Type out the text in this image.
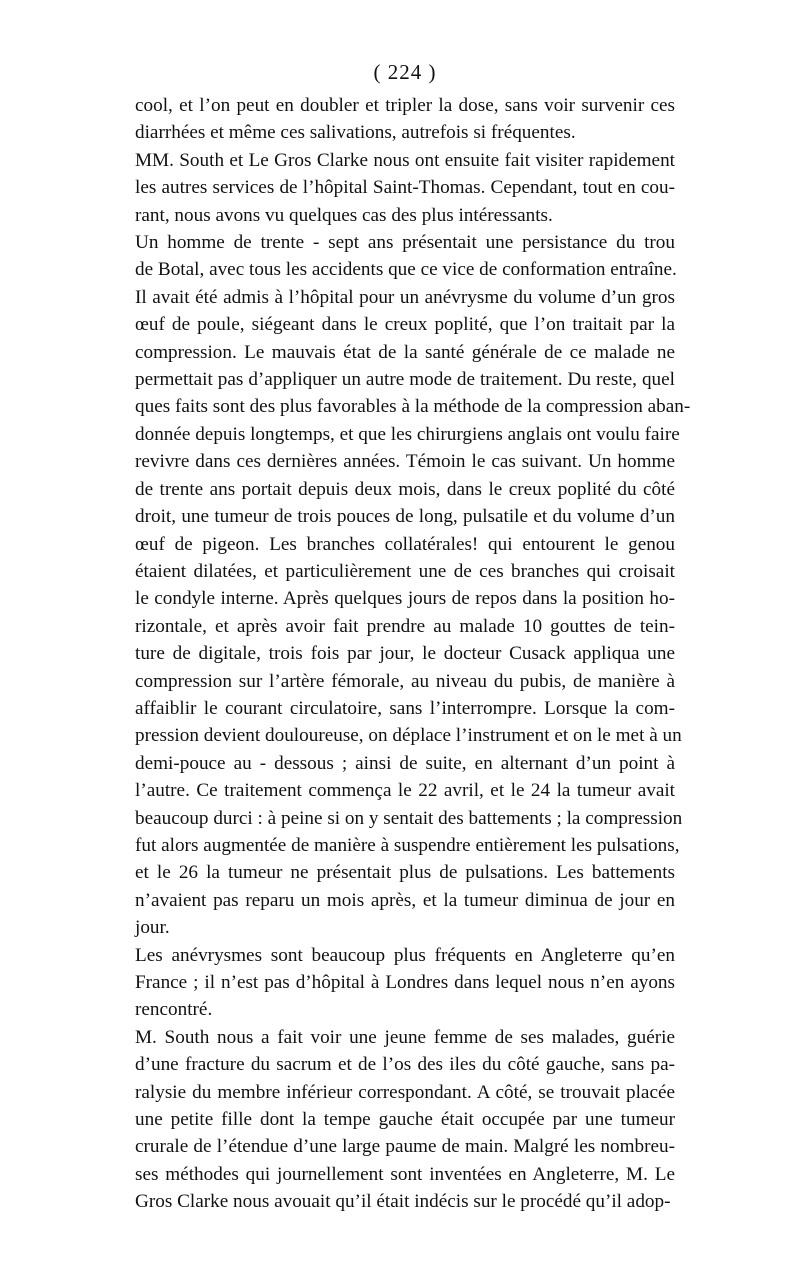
( 224 )

cool, et l’on peut en doubler et tripler la dose, sans voir survenir ces
diarrhées et même ces salivations, autrefois si fréquentes.

MM. South et Le Gros Clarke nous ont ensuite fait visiter rapidement
les autres services de l’hôpital Saint-Thomas. Cependant, tout en cou-
rant, nous avons vu quelques cas des plus intéressants.

Un homme de trente - sept ans présentait une persistance du trou
de Botal, avec tous les accidents que ce vice de conformation entraîne.
Il avait été admis à l’hôpital pour un anévrysme du volume d’un gros
œuf de poule, siégeant dans le creux poplité, que l’on traitait par la
compression. Le mauvais état de la santé générale de ce malade ne
permettait pas d’appliquer un autre mode de traitement. Du reste, quel
ques faits sont des plus favorables à la méthode de la compression aban-
donnée depuis longtemps, et que les chirurgiens anglais ont voulu faire
revivre dans ces dernières années. Témoin le cas suivant. Un homme
de trente ans portait depuis deux mois, dans le creux poplité du côté
droit, une tumeur de trois pouces de long, pulsatile et du volume d’un
œuf de pigeon. Les branches collatérales! qui entourent le genou
étaient dilatées, et particulièrement une de ces branches qui croisait
le condyle interne. Après quelques jours de repos dans la position ho-
rizontale, et après avoir fait prendre au malade 10 gouttes de tein-
ture de digitale, trois fois par jour, le docteur Cusack appliqua une
compression sur l’artère fémorale, au niveau du pubis, de manière à
affaiblir le courant circulatoire, sans l’interrompre. Lorsque la com-
pression devient douloureuse, on déplace l’instrument et on le met à un
demi-pouce au - dessous ; ainsi de suite, en alternant d’un point à
l’autre. Ce traitement commença le 22 avril, et le 24 la tumeur avait
beaucoup durci : à peine si on y sentait des battements ; la compression
fut alors augmentée de manière à suspendre entièrement les pulsations,
et le 26 la tumeur ne présentait plus de pulsations. Les battements
n’avaient pas reparu un mois après, et la tumeur diminua de jour en
jour.

Les anévrysmes sont beaucoup plus fréquents en Angleterre qu’en
France ; il n’est pas d’hôpital à Londres dans lequel nous n’en ayons
rencontré.

M. South nous a fait voir une jeune femme de ses malades, guérie
d’une fracture du sacrum et de l’os des iles du côté gauche, sans pa-
ralysie du membre inférieur correspondant. A côté, se trouvait placée
une petite fille dont la tempe gauche était occupée par une tumeur
crurale de l’étendue d’une large paume de main. Malgré les nombreu-
ses méthodes qui journellement sont inventées en Angleterre, M. Le
Gros Clarke nous avouait qu’il était indécis sur le procédé qu’il adop-
